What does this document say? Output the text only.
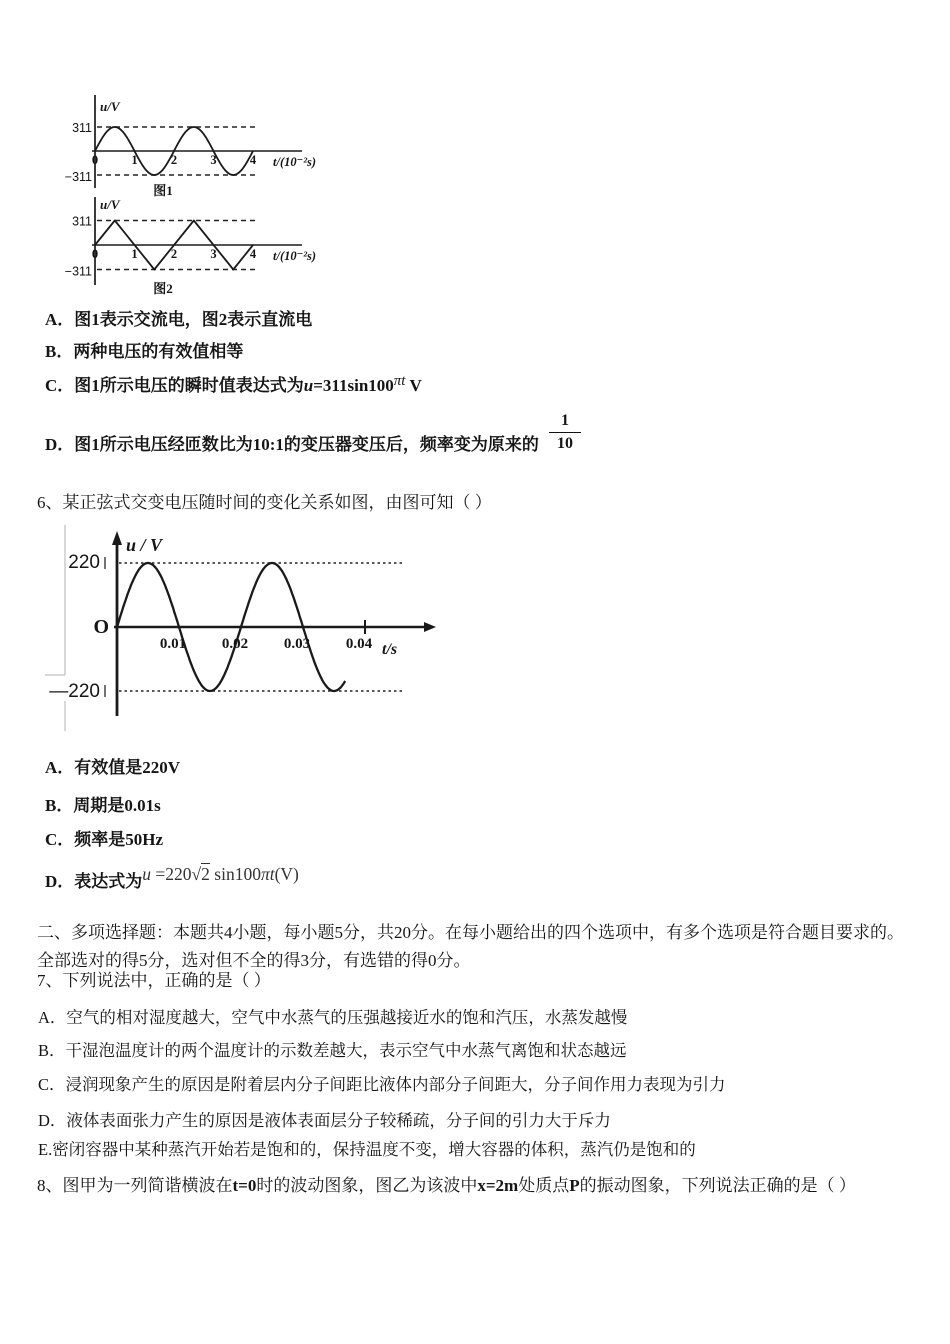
0	1	2	3	4
311
−311
u/V
t/(10⁻²s)
图1
0	1	2	3	4
311
−311
u/V
t/(10⁻²s)
图2
A．图1表示交流电，图2表示直流电
B．两种电压的有效值相等
C．图1所示电压的瞬时值表达式为u=311sin100πt V
D．图1所示电压经匝数比为10:1的变压器变压后，频率变为原来的 $\frac{1}{10}$
6、某正弦式交变电压随时间的变化关系如图，由图可知（ ）
0.01 0.02 0.03 0.04
220
—220
u / V
t/s
O
A．有效值是220V
B．周期是0.01s
C．频率是50Hz
D．表达式为u =220√2 sin100πt(V)
二、多项选择题：本题共4小题，每小题5分，共20分。在每小题给出的四个选项中，有多个选项是符合题目要求的。
全部选对的得5分，选对但不全的得3分，有选错的得0分。
7、下列说法中，正确的是（ ）
A．空气的相对湿度越大，空气中水蒸气的压强越接近水的饱和汽压，水蒸发越慢
B．干湿泡温度计的两个温度计的示数差越大，表示空气中水蒸气离饱和状态越远
C．浸润现象产生的原因是附着层内分子间距比液体内部分子间距大，分子间作用力表现为引力
D．液体表面张力产生的原因是液体表面层分子较稀疏，分子间的引力大于斥力
E.密闭容器中某种蒸汽开始若是饱和的，保持温度不变，增大容器的体积，蒸汽仍是饱和的
8、图甲为一列简谐横波在t=0时的波动图象，图乙为该波中x=2m处质点P的振动图象，下列说法正确的是（ ）
